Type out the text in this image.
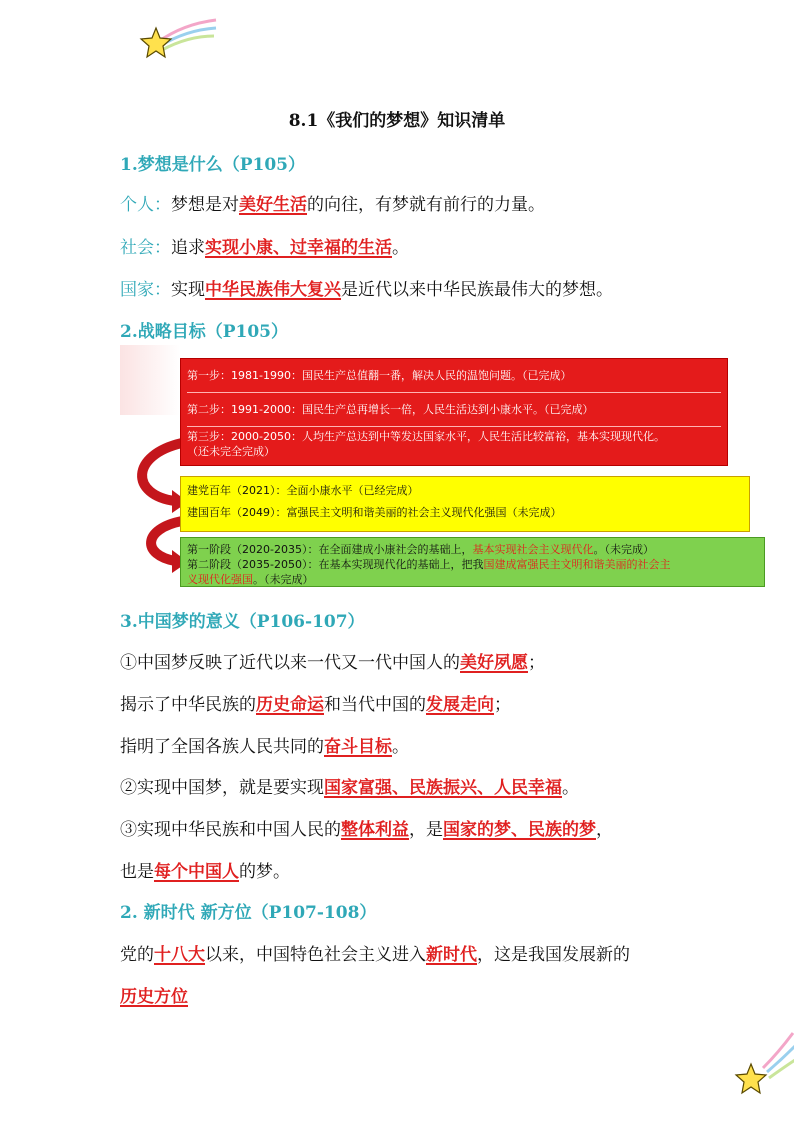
8.1《我们的梦想》知识清单
1.梦想是什么（P105）
个人：梦想是对美好生活的向往，有梦就有前行的力量。
社会：追求实现小康、过幸福的生活。
国家：实现中华民族伟大复兴是近代以来中华民族最伟大的梦想。
2.战略目标（P105）
第一步：1981-1990：国民生产总值翻一番，解决人民的温饱问题。（已完成）
第二步：1991-2000：国民生产总再增长一倍，人民生活达到小康水平。（已完成）
第三步：2000-2050：人均生产总达到中等发达国家水平，人民生活比较富裕，基本实现现代化。
（还未完全完成）
建党百年（2021）：全面小康水平（已经完成）
建国百年（2049）：富强民主文明和谐美丽的社会主义现代化强国（未完成）
第一阶段（2020-2035）：在全面建成小康社会的基础上，基本实现社会主义现代化。（未完成）
第二阶段（2035-2050）：在基本实现现代化的基础上，把我国建成富强民主文明和谐美丽的社会主
义现代化强国。（未完成）
3.中国梦的意义（P106-107）
①中国梦反映了近代以来一代又一代中国人的美好夙愿；
揭示了中华民族的历史命运和当代中国的发展走向；
指明了全国各族人民共同的奋斗目标。
②实现中国梦，就是要实现国家富强、民族振兴、人民幸福。
③实现中华民族和中国人民的整体利益，是国家的梦、民族的梦，
也是每个中国人的梦。
2. 新时代 新方位（P107-108）
党的十八大以来，中国特色社会主义进入新时代，这是我国发展新的
历史方位
